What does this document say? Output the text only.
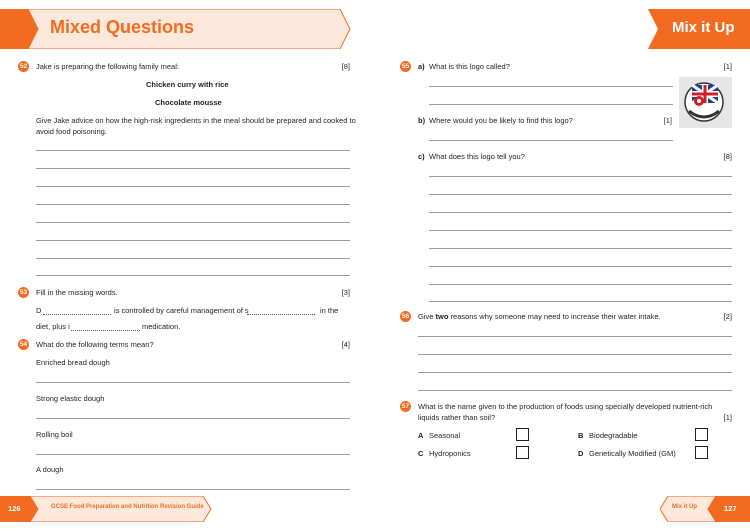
Mixed Questions	Mix it Up
52 Jake is preparing the following family meal:	[8]
Chicken curry with rice
Chocolate mousse
Give Jake advice on how the high-risk ingredients in the meal should be prepared and cooked to
avoid food poisoning.
53 Fill in the missing words.	[3]
D	is controlled by careful management of s	in the
diet, plus i	medication.
54 What do the following terms mean?	[4]
Enriched bread dough
Strong elastic dough
Rolling boil
A dough
126	GCSE Food Preparation and Nutrition Revision Guide
55 a) What is this logo called?	[1]
b) Where would you be likely to find this logo?	[1]
c) What does this logo tell you?	[8]
56 Give two reasons why someone may need to increase their water intake.	[2]
57 What is the name given to the production of foods using specially developed nutrient-rich
liquids rather than soil?	[1]
A Seasonal	B Biodegradable
C Hydroponics	D Genetically Modified (GM)
Mix it Up	127
